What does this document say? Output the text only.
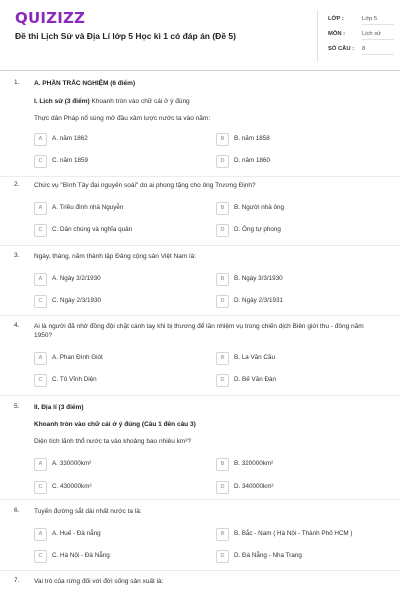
QUIZIZZ
Đề thi Lịch Sử và Địa Lí lớp 5 Học kì 1 có đáp án (Đề 5)
LỚP :	Lớp 5
MÔN :	Lịch sử
SỐ CÂU : 8
1. A. PHẦN TRẮC NGHIỆM (6 điểm)
I. Lịch sử (3 điểm) Khoanh tròn vào chữ cái ở ý đúng
Thực dân Pháp nổ súng mở đầu xâm lược nước ta vào năm:
A	A. năm 1862	B	B. năm 1858
C	C. năm 1859	D	D. năm 1860
2. Chức vụ "Bình Tây đại nguyên soái" do ai phong tặng cho ông Trương Định?
A	A. Triều đình nhà Nguyễn	B	B. Người nhà ông
C	C. Dân chúng và nghĩa quân	D	D. Ông tự phong
3. Ngày, tháng, năm thành lập Đảng cộng sản Việt Nam là:
A	A. Ngày 3/2/1930	B	B. Ngày 3/3/1930
C	C. Ngày 2/3/1930	D	D. Ngày 2/3/1931
4. Ai là người đã nhờ đồng đội chặt cánh tay khi bị thương để lăn nhiệm vụ trong chiến dịch Biên giới thu - đông năm 1950?
A	A. Phan Đình Giót	B	B. La Văn Cầu
C	C. Tô Vĩnh Diện	D	D. Bế Văn Đàn
5. II. Địa lí (3 điểm)
Khoanh tròn vào chữ cái ở ý đúng (Câu 1 đến câu 3)
Diện tích lãnh thổ nước ta vào khoảng bao nhiêu km²?
A	A. 330000km²	B	B. 320000km²
C	C. 430000km²	D	D. 340000km²
6. Tuyến đường sắt dài nhất nước ta là:
A	A. Huế - Đà nẵng	B	B. Bắc - Nam ( Hà Nội - Thành Phố HCM )
C	C. Hà Nội - Đà Nẵng	D	D. Đà Nẵng - Nha Trang
7. Vai trò của rừng đối với đời sống sản xuất là:
